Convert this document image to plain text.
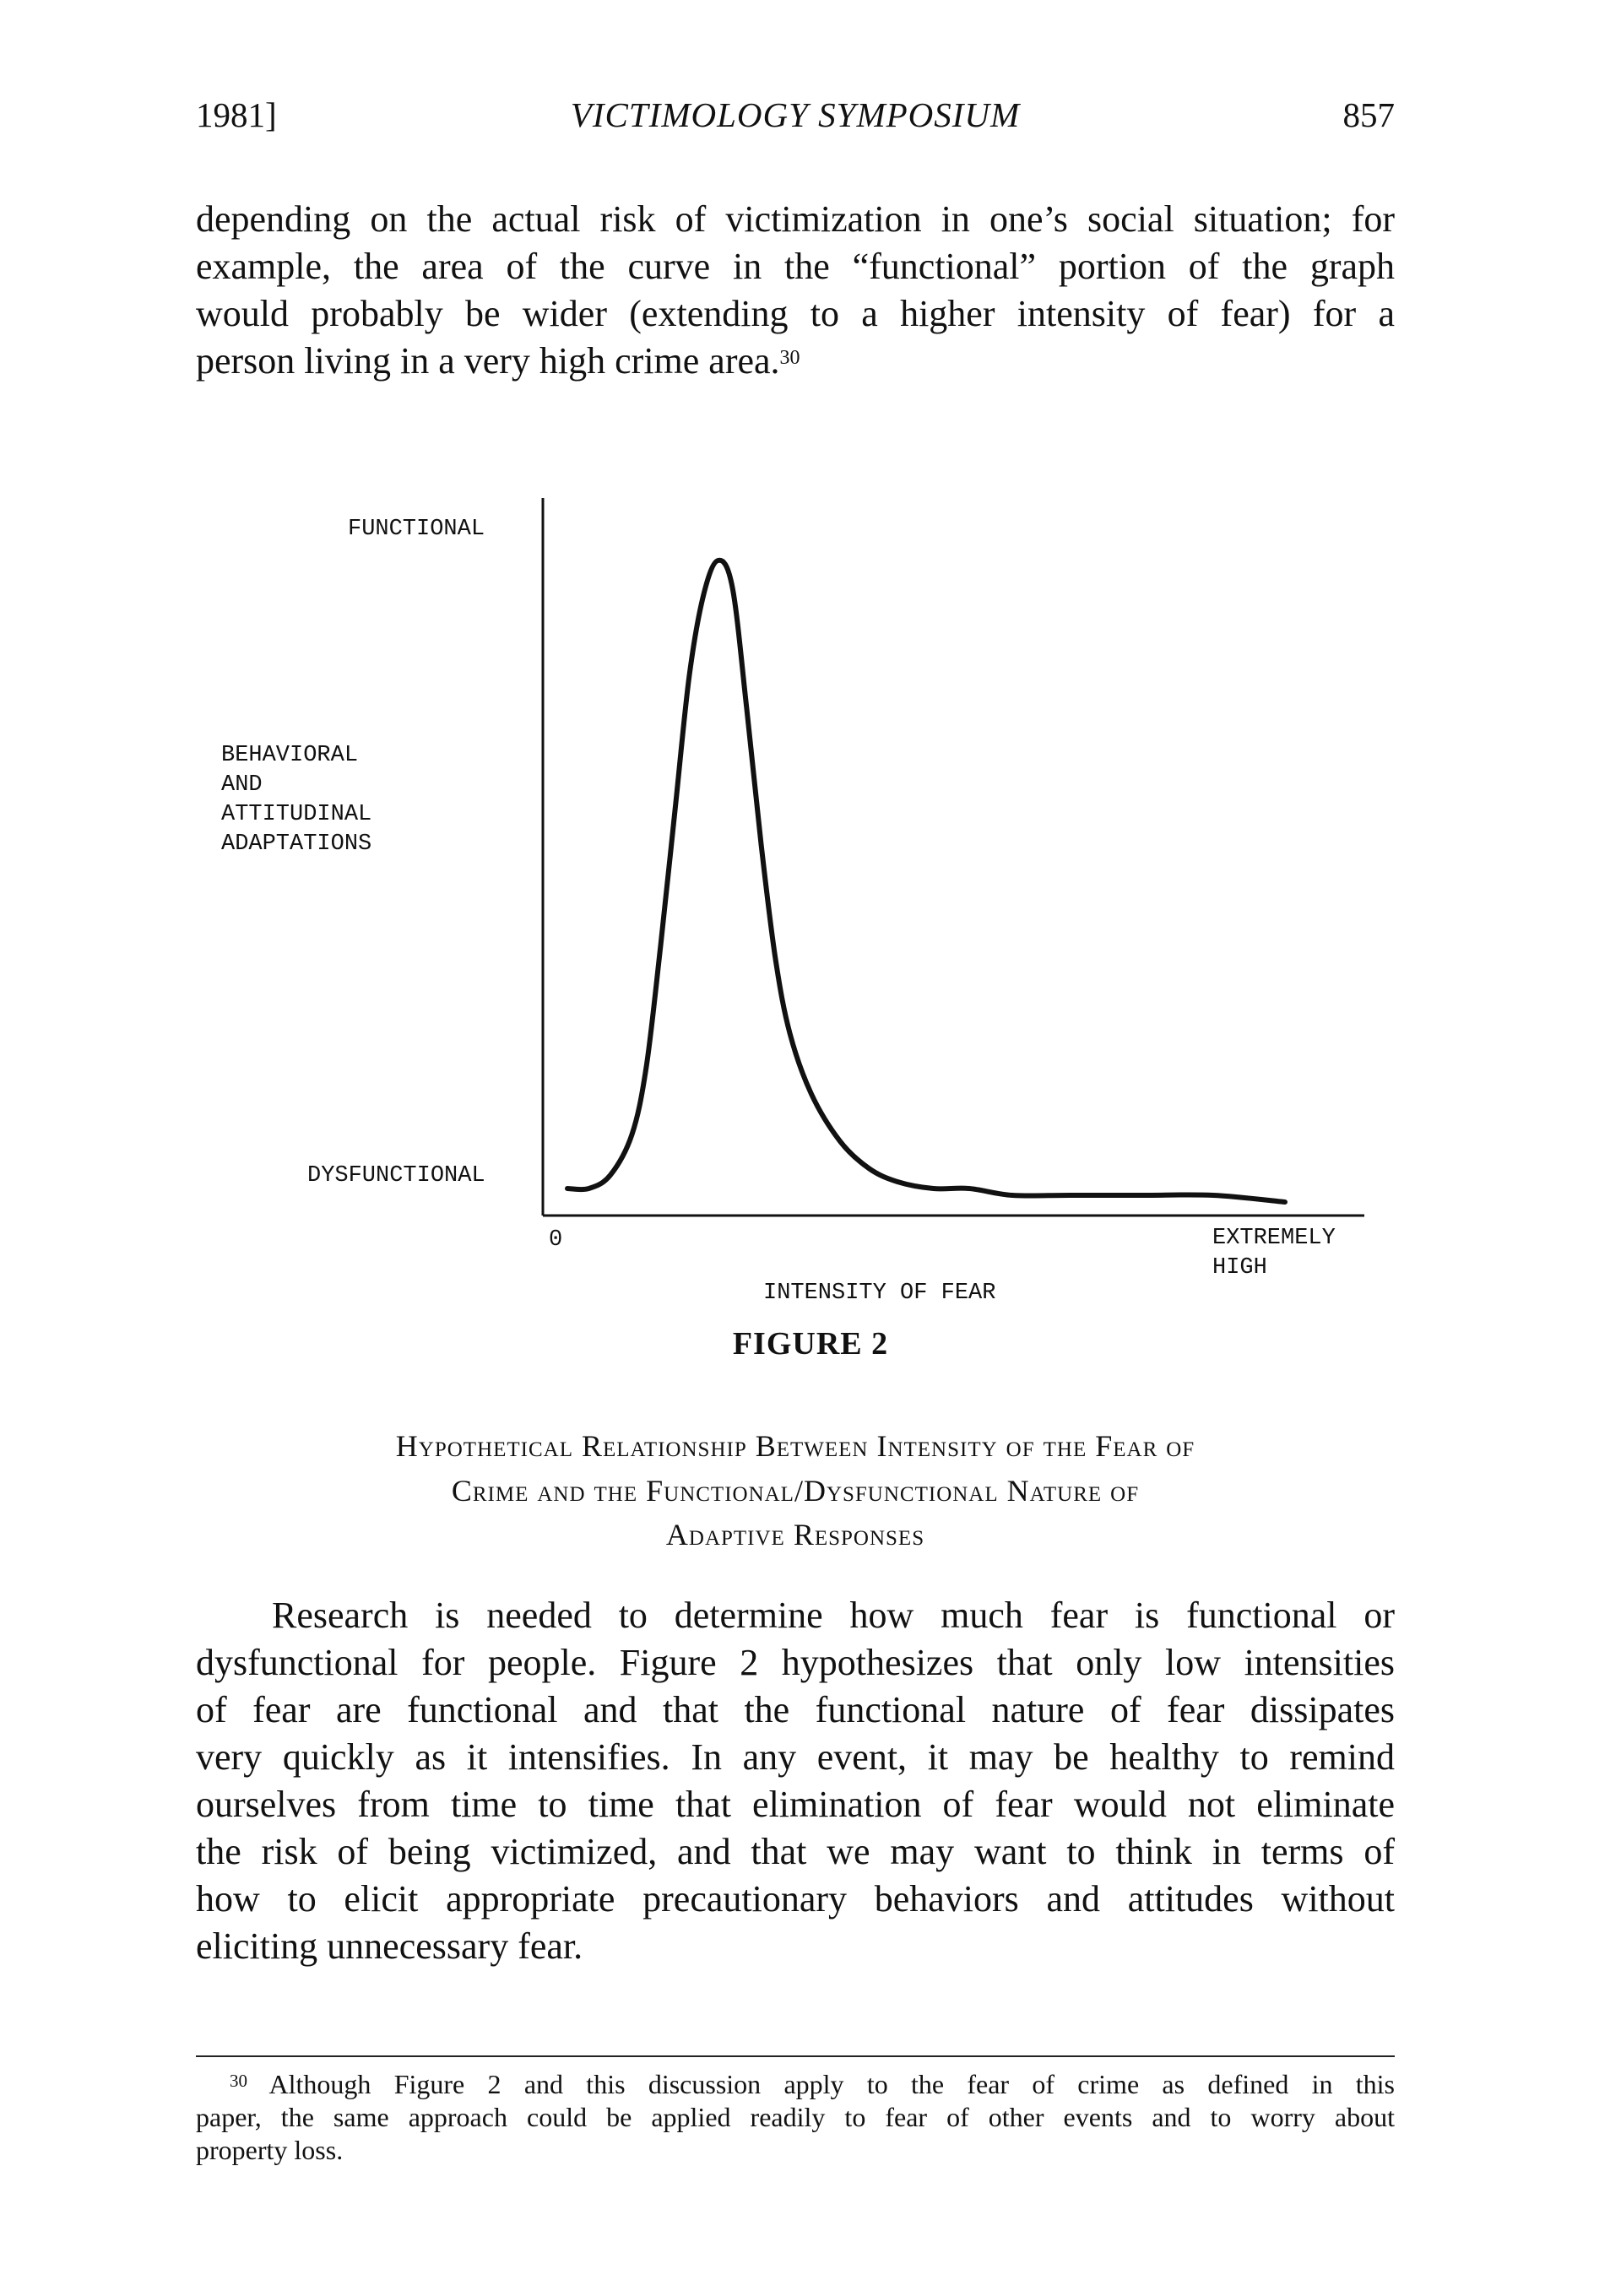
1981]	VICTIMOLOGY SYMPOSIUM	857

depending on the actual risk of victimization in one’s social situation; for
example, the area of the curve in the “functional” portion of the graph
would probably be wider (extending to a higher intensity of fear) for a
person living in a very high crime area.$^{30}$

FUNCTIONAL
BEHAVIORAL
AND
ATTITUDINAL
ADAPTATIONS
DYSFUNCTIONAL
0	EXTREMELY
HIGH
INTENSITY OF FEAR

FIGURE 2

Hypothetical Relationship Between Intensity of the Fear of

Crime and the Functional/Dysfunctional Nature of

Adaptive Responses

Research is needed to determine how much fear is functional or
dysfunctional for people. Figure 2 hypothesizes that only low intensities
of fear are functional and that the functional nature of fear dissipates
very quickly as it intensifies. In any event, it may be healthy to remind
ourselves from time to time that elimination of fear would not eliminate
the risk of being victimized, and that we may want to think in terms of
how to elicit appropriate precautionary behaviors and attitudes without
eliciting unnecessary fear.

$^{30}$ Although Figure 2 and this discussion apply to the fear of crime as defined in this
paper, the same approach could be applied readily to fear of other events and to worry about
property loss.
